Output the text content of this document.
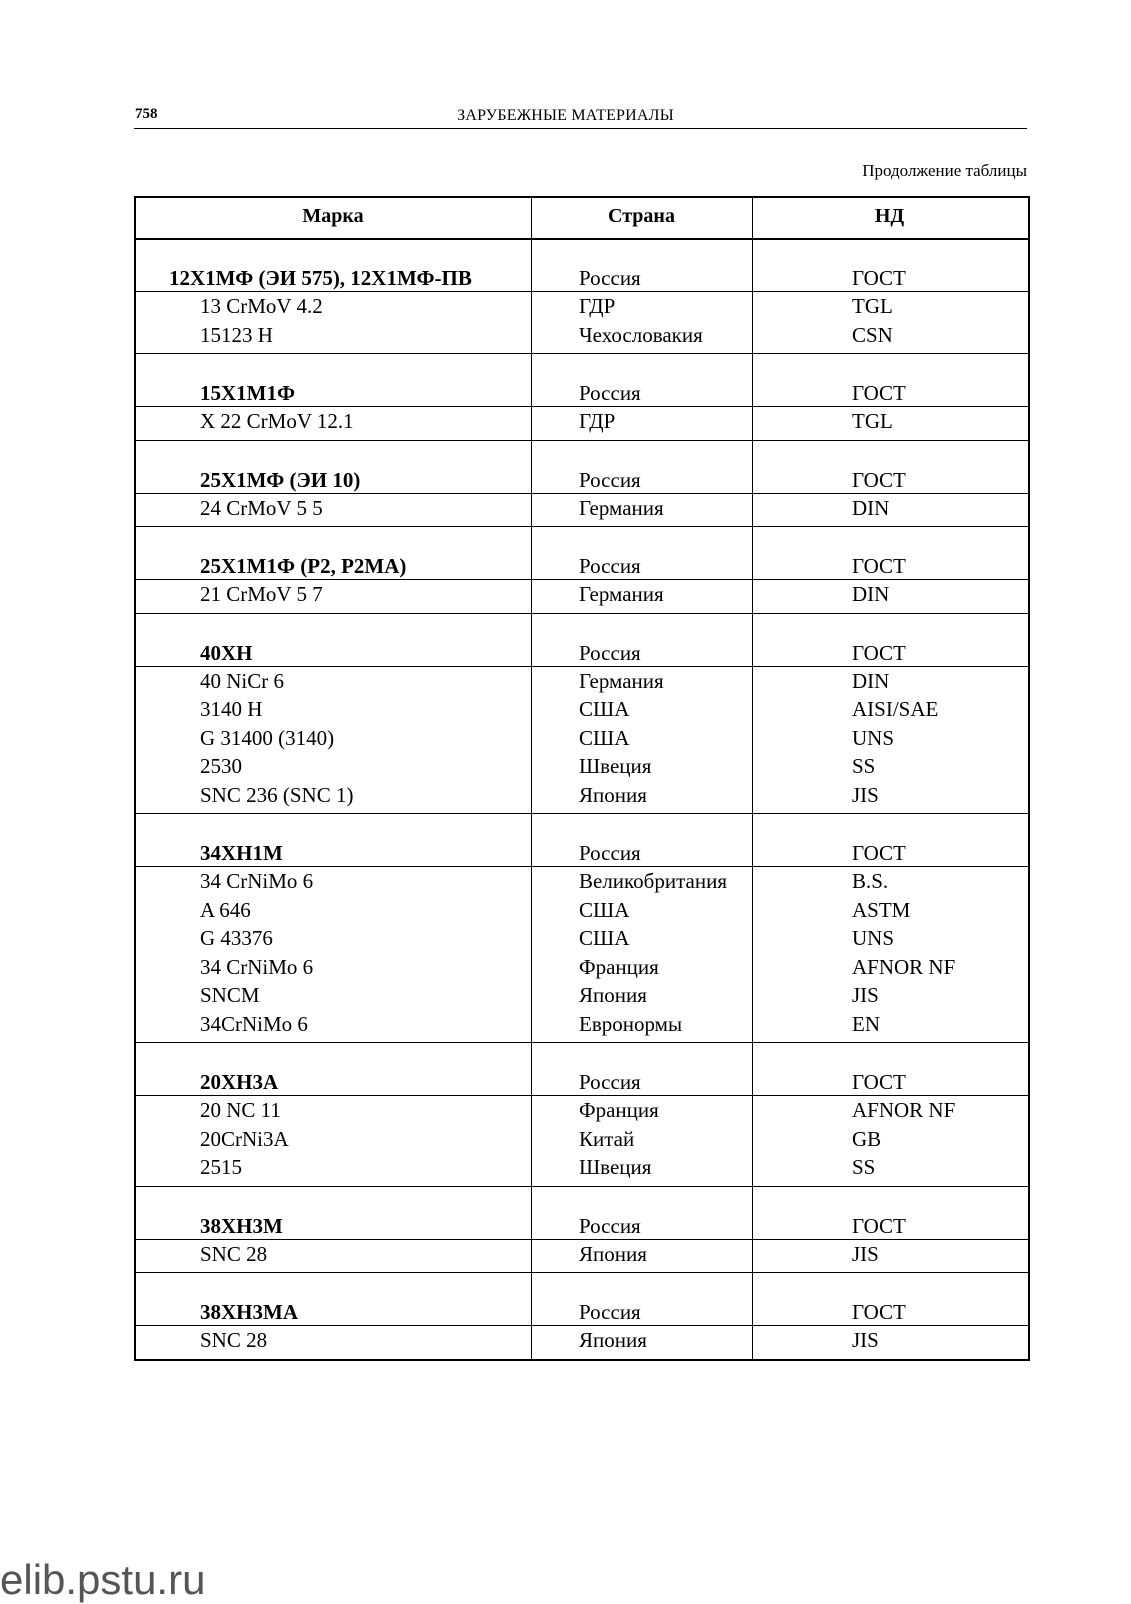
758	ЗАРУБЕЖНЫЕ МАТЕРИАЛЫ
Продолжение таблицы
Марка	Страна	НД
12Х1МФ (ЭИ 575), 12Х1МФ-ПВ	Россия	ГОСТ
13 CrMoV 4.2	ГДР	TGL
15123 H	Чехословакия	CSN
15Х1М1Ф	Россия	ГОСТ
X 22 CrMoV 12.1	ГДР	TGL
25Х1МФ (ЭИ 10)	Россия	ГОСТ
24 CrMoV 5 5	Германия	DIN
25Х1М1Ф (Р2, Р2МА)	Россия	ГОСТ
21 CrMoV 5 7	Германия	DIN
40ХН	Россия	ГОСТ
40 NiCr 6	Германия	DIN
3140 H	США	AISI/SAE
G 31400 (3140)	США	UNS
2530	Швеция	SS
SNC 236 (SNC 1)	Япония	JIS
34ХН1М	Россия	ГОСТ
34 CrNiMo 6	Великобритания	B.S.
A 646	США	ASTM
G 43376	США	UNS
34 CrNiMo 6	Франция	AFNOR NF
SNCM	Япония	JIS
34CrNiMo 6	Евронормы	EN
20ХН3А	Россия	ГОСТ
20 NC 11	Франция	AFNOR NF
20CrNi3A	Китай	GB
2515	Швеция	SS
38ХН3М	Россия	ГОСТ
SNC 28	Япония	JIS
38ХН3МА	Россия	ГОСТ
SNC 28	Япония	JIS
elib.pstu.ru
